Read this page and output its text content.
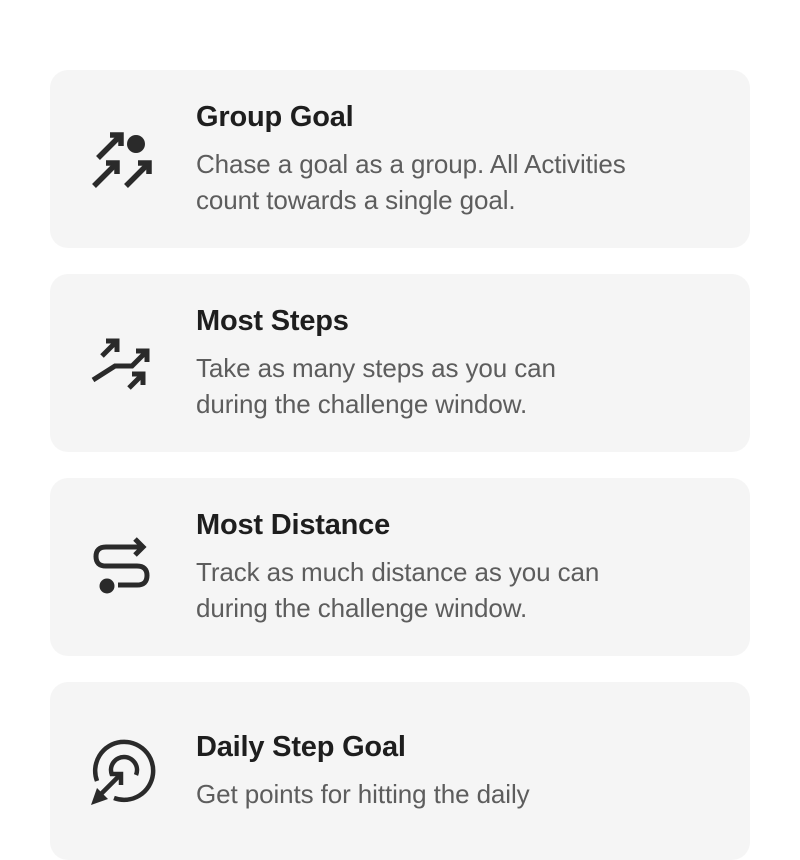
Group Goal
Chase a goal as a group. All Activities
count towards a single goal.
Most Steps
Take as many steps as you can
during the challenge window.
Most Distance
Track as much distance as you can
during the challenge window.
Daily Step Goal
Get points for hitting the daily
